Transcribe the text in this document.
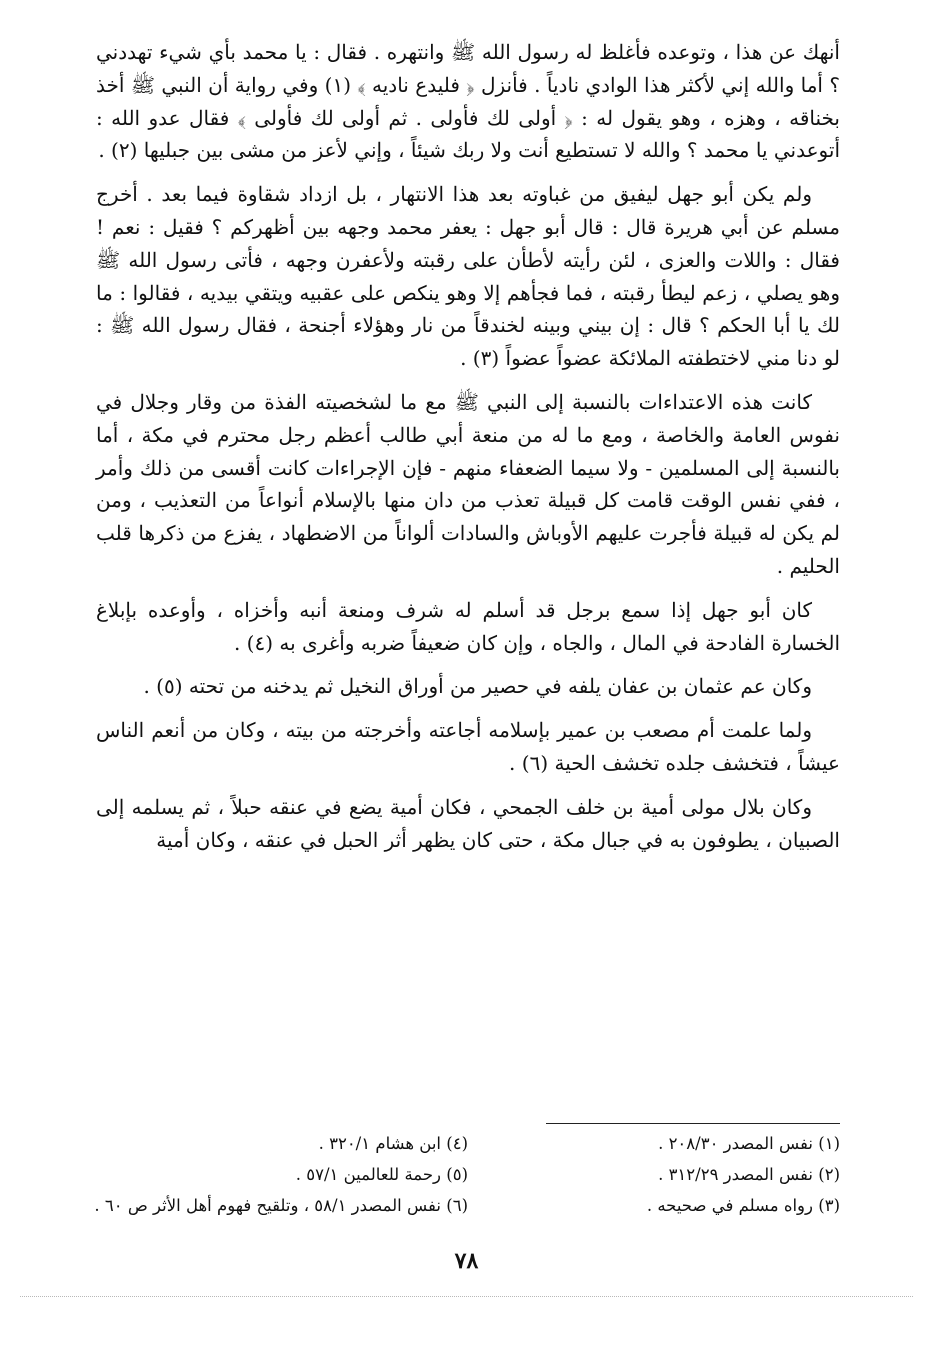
أنهك عن هذا ، وتوعده فأغلظ له رسول الله ﷺ وانتهره . فقال : يا محمد بأي شيء تهددني ؟ أما والله إني لأكثر هذا الوادي نادياً . فأنزل ﴿ فليدع ناديه ﴾ (١) وفي رواية أن النبي ﷺ أخذ بخناقه ، وهزه ، وهو يقول له : ﴿ أولى لك فأولى . ثم أولى لك فأولى ﴾ فقال عدو الله : أتوعدني يا محمد ؟ والله لا تستطيع أنت ولا ربك شيئاً ، وإني لأعز من مشى بين جبليها (٢) .

ولم يكن أبو جهل ليفيق من غباوته بعد هذا الانتهار ، بل ازداد شقاوة فيما بعد . أخرج مسلم عن أبي هريرة قال : قال أبو جهل : يعفر محمد وجهه بين أظهركم ؟ فقيل : نعم ! فقال : واللات والعزى ، لئن رأيته لأطأن على رقبته ولأعفرن وجهه ، فأتى رسول الله ﷺ وهو يصلي ، زعم ليطأ رقبته ، فما فجأهم إلا وهو ينكص على عقبيه ويتقي بيديه ، فقالوا : ما لك يا أبا الحكم ؟ قال : إن بيني وبينه لخندقاً من نار وهؤلاء أجنحة ، فقال رسول الله ﷺ : لو دنا مني لاختطفته الملائكة عضواً عضواً (٣) .

كانت هذه الاعتداءات بالنسبة إلى النبي ﷺ مع ما لشخصيته الفذة من وقار وجلال في نفوس العامة والخاصة ، ومع ما له من منعة أبي طالب أعظم رجل محترم في مكة ، أما بالنسبة إلى المسلمين - ولا سيما الضعفاء منهم - فإن الإجراءات كانت أقسى من ذلك وأمر ، ففي نفس الوقت قامت كل قبيلة تعذب من دان منها بالإسلام أنواعاً من التعذيب ، ومن لم يكن له قبيلة فأجرت عليهم الأوباش والسادات ألواناً من الاضطهاد ، يفزع من ذكرها قلب الحليم .

كان أبو جهل إذا سمع برجل قد أسلم له شرف ومنعة أنبه وأخزاه ، وأوعده بإبلاغ الخسارة الفادحة في المال ، والجاه ، وإن كان ضعيفاً ضربه وأغرى به (٤) .

وكان عم عثمان بن عفان يلفه في حصير من أوراق النخيل ثم يدخنه من تحته (٥) .

ولما علمت أم مصعب بن عمير بإسلامه أجاعته وأخرجته من بيته ، وكان من أنعم الناس عيشاً ، فتخشف جلده تخشف الحية (٦) .

وكان بلال مولى أمية بن خلف الجمحي ، فكان أمية يضع في عنقه حبلاً ، ثم يسلمه إلى الصبيان ، يطوفون به في جبال مكة ، حتى كان يظهر أثر الحبل في عنقه ، وكان أمية

(١) نفس المصدر ٢٠٨/٣٠ .
(٤) ابن هشام ٣٢٠/١ .
(٢) نفس المصدر ٣١٢/٢٩ .
(٥) رحمة للعالمين ٥٧/١ .
(٣) رواه مسلم في صحيحه .
(٦) نفس المصدر ٥٨/١ ، وتلقيح فهوم أهل الأثر ص ٦٠ .
٧٨
